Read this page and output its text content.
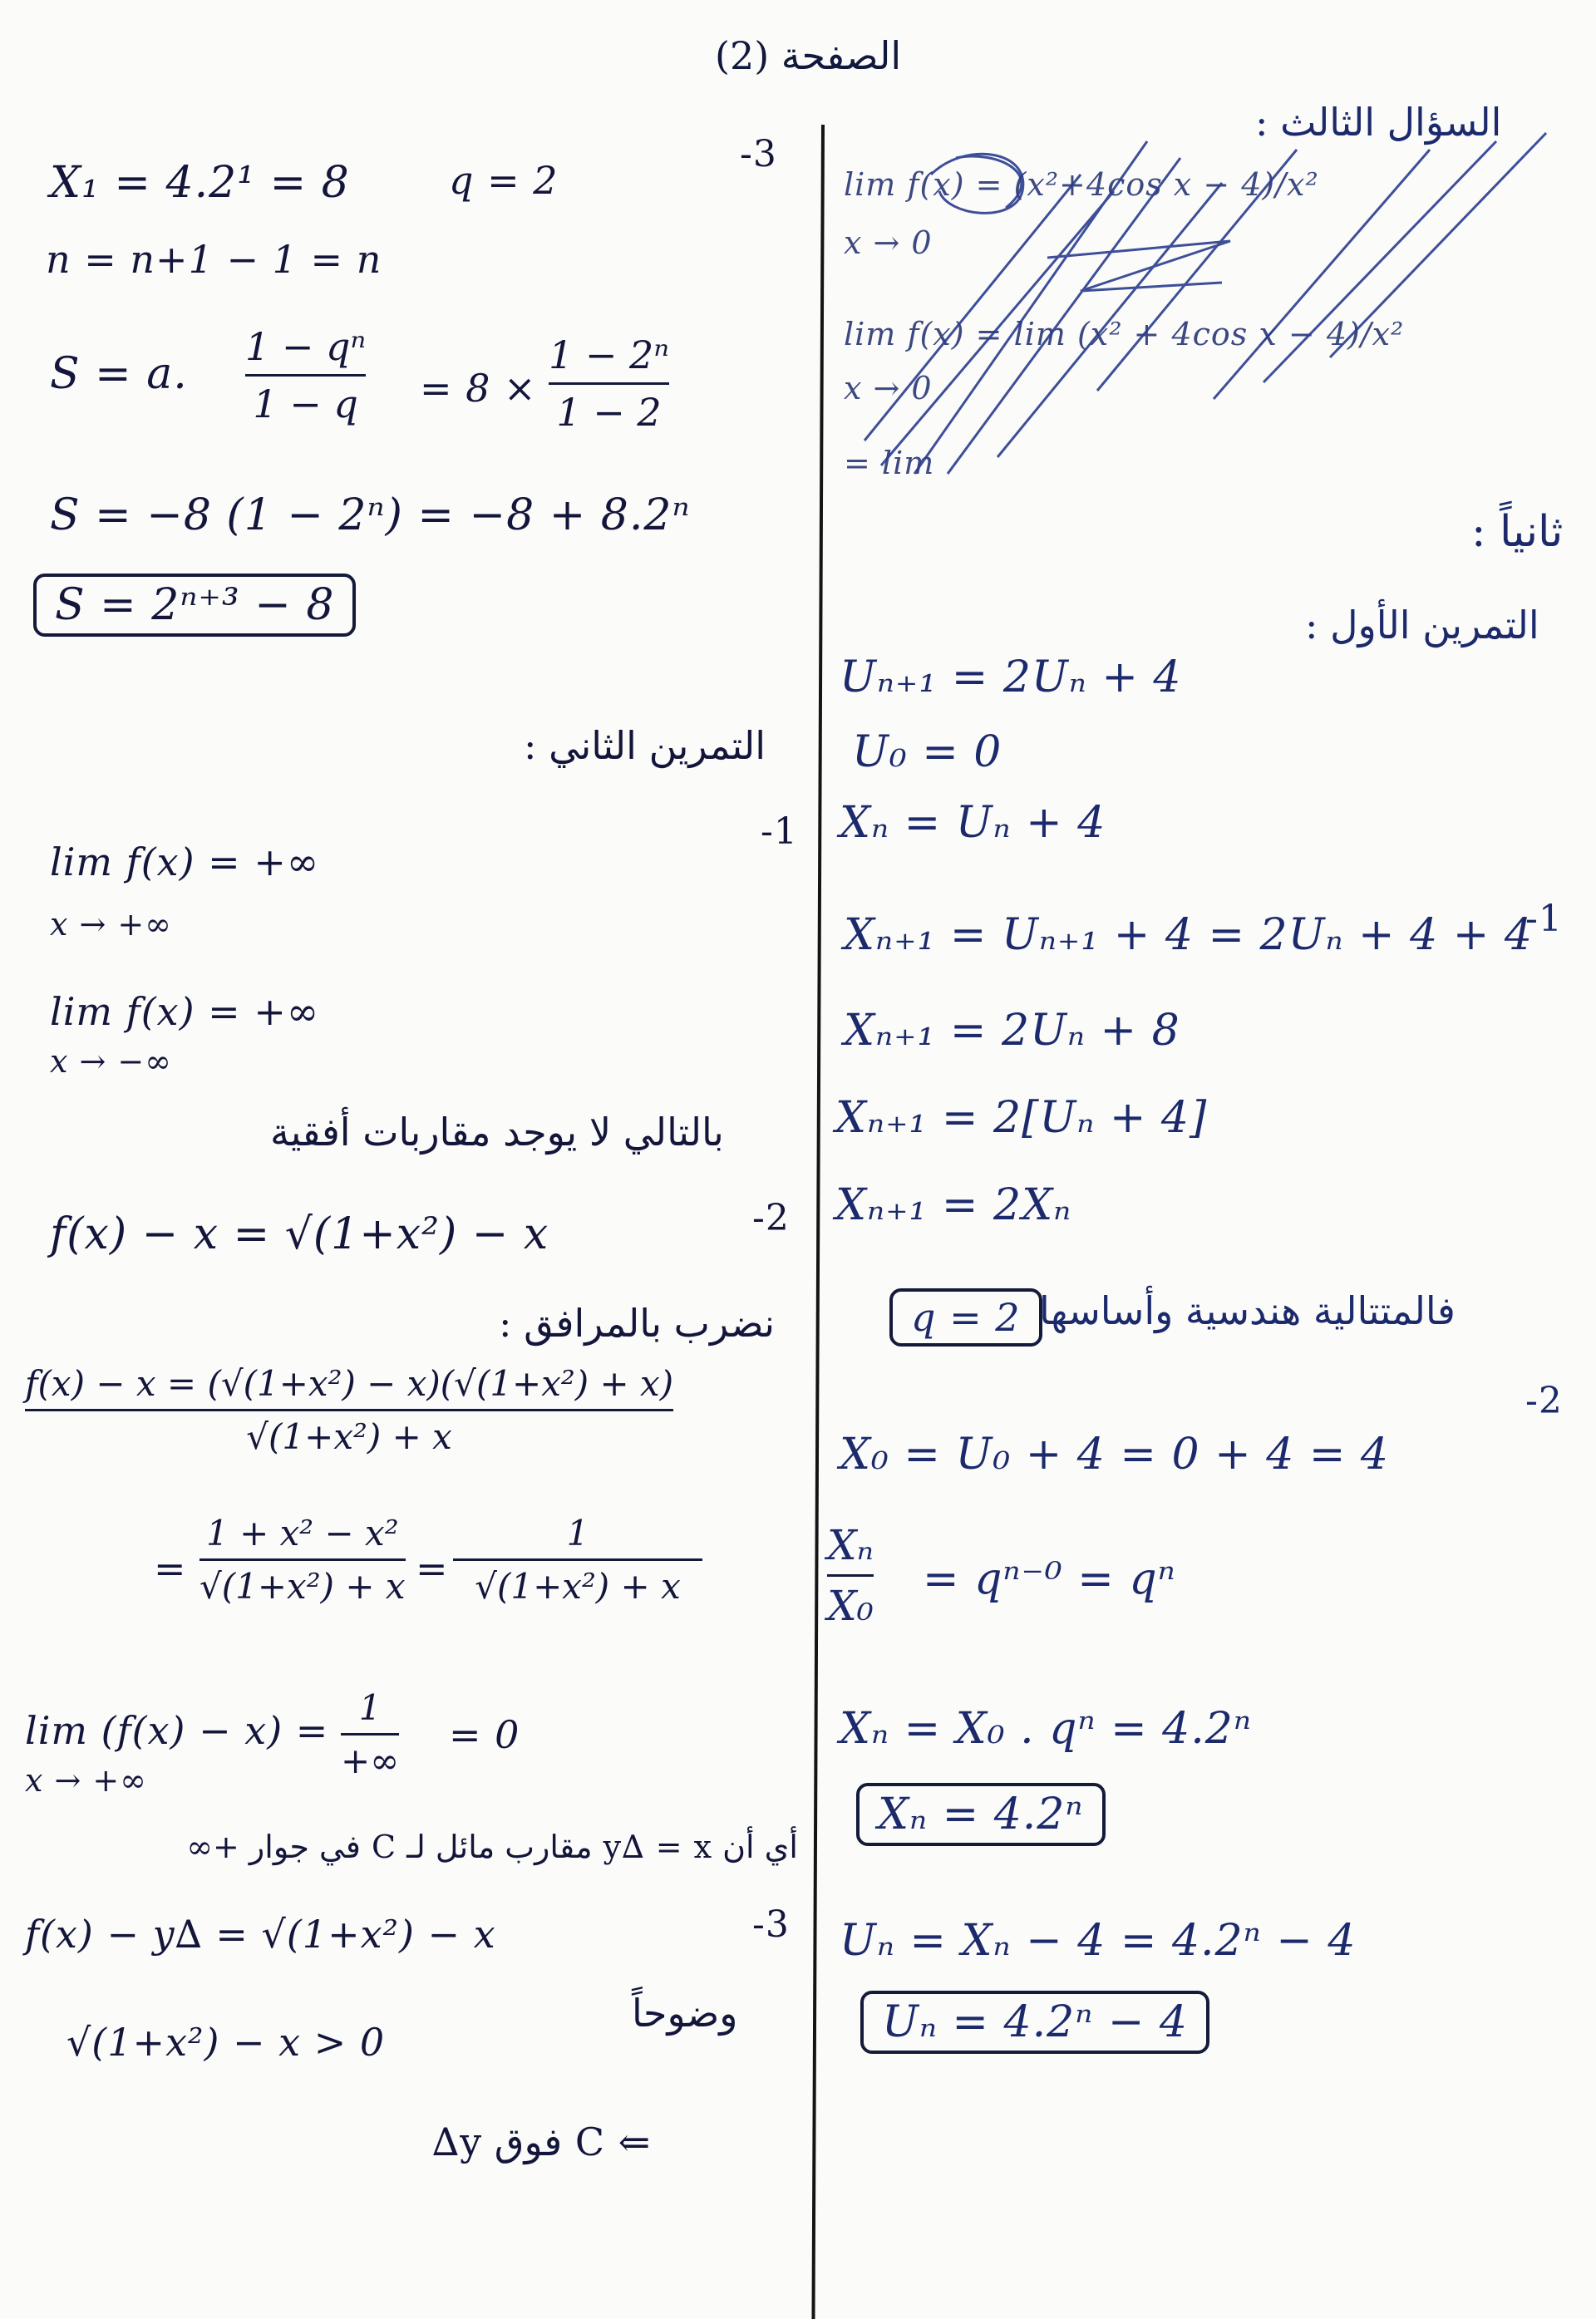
الصفحة (2)
-3
X₁ = 4.2¹ = 8	q = 2
n = n+1 − 1 = n
S = a.
1 − qⁿ
1 − q = 8 ×
1 − 2ⁿ
1 − 2
S = −8 (1 − 2ⁿ) = −8 + 8.2ⁿ
S = 2ⁿ⁺³ − 8
التمرين الثاني :
-1
lim f(x) = +∞
x → +∞
lim f(x) = +∞
x → −∞
بالتالي لا يوجد مقاربات أفقية
-2
f(x) − x = √(1+x²) − x
نضرب بالمرافق :
f(x) − x = (√(1+x²) − x)(√(1+x²) + x)
√(1+x²) + x
=
1 + x² − x²
√(1+x²) + x =
1
√(1+x²) + x
lim (f(x) − x) =
x → +∞
1
+∞
= 0
أي أن y∆ = x مقارب مائل لـ C في جوار +∞
-3
f(x) − y∆ = √(1+x²) − x
وضوحاً
√(1+x²) − x > 0
⇐ C فوق y∆
السؤال الثالث :
lim f(x) = (x²+4cos x − 4)/x²
x → 0
lim f(x) = lim (x² + 4cos x − 4)/x²
x → 0
= lim
ثانياً :
التمرين الأول :
Uₙ₊₁ = 2Uₙ + 4
U₀ = 0
Xₙ = Uₙ + 4
-1
Xₙ₊₁ = Uₙ₊₁ + 4 = 2Uₙ + 4 + 4
Xₙ₊₁ = 2Uₙ + 8
Xₙ₊₁ = 2[Uₙ + 4]
Xₙ₊₁ = 2Xₙ
فالمتتالية هندسية وأساسها
q = 2
-2
X₀ = U₀ + 4 = 0 + 4 = 4
Xₙ
X₀
= qⁿ⁻⁰ = qⁿ
Xₙ = X₀ . qⁿ = 4.2ⁿ
Xₙ = 4.2ⁿ
Uₙ = Xₙ − 4 = 4.2ⁿ − 4
Uₙ = 4.2ⁿ − 4
